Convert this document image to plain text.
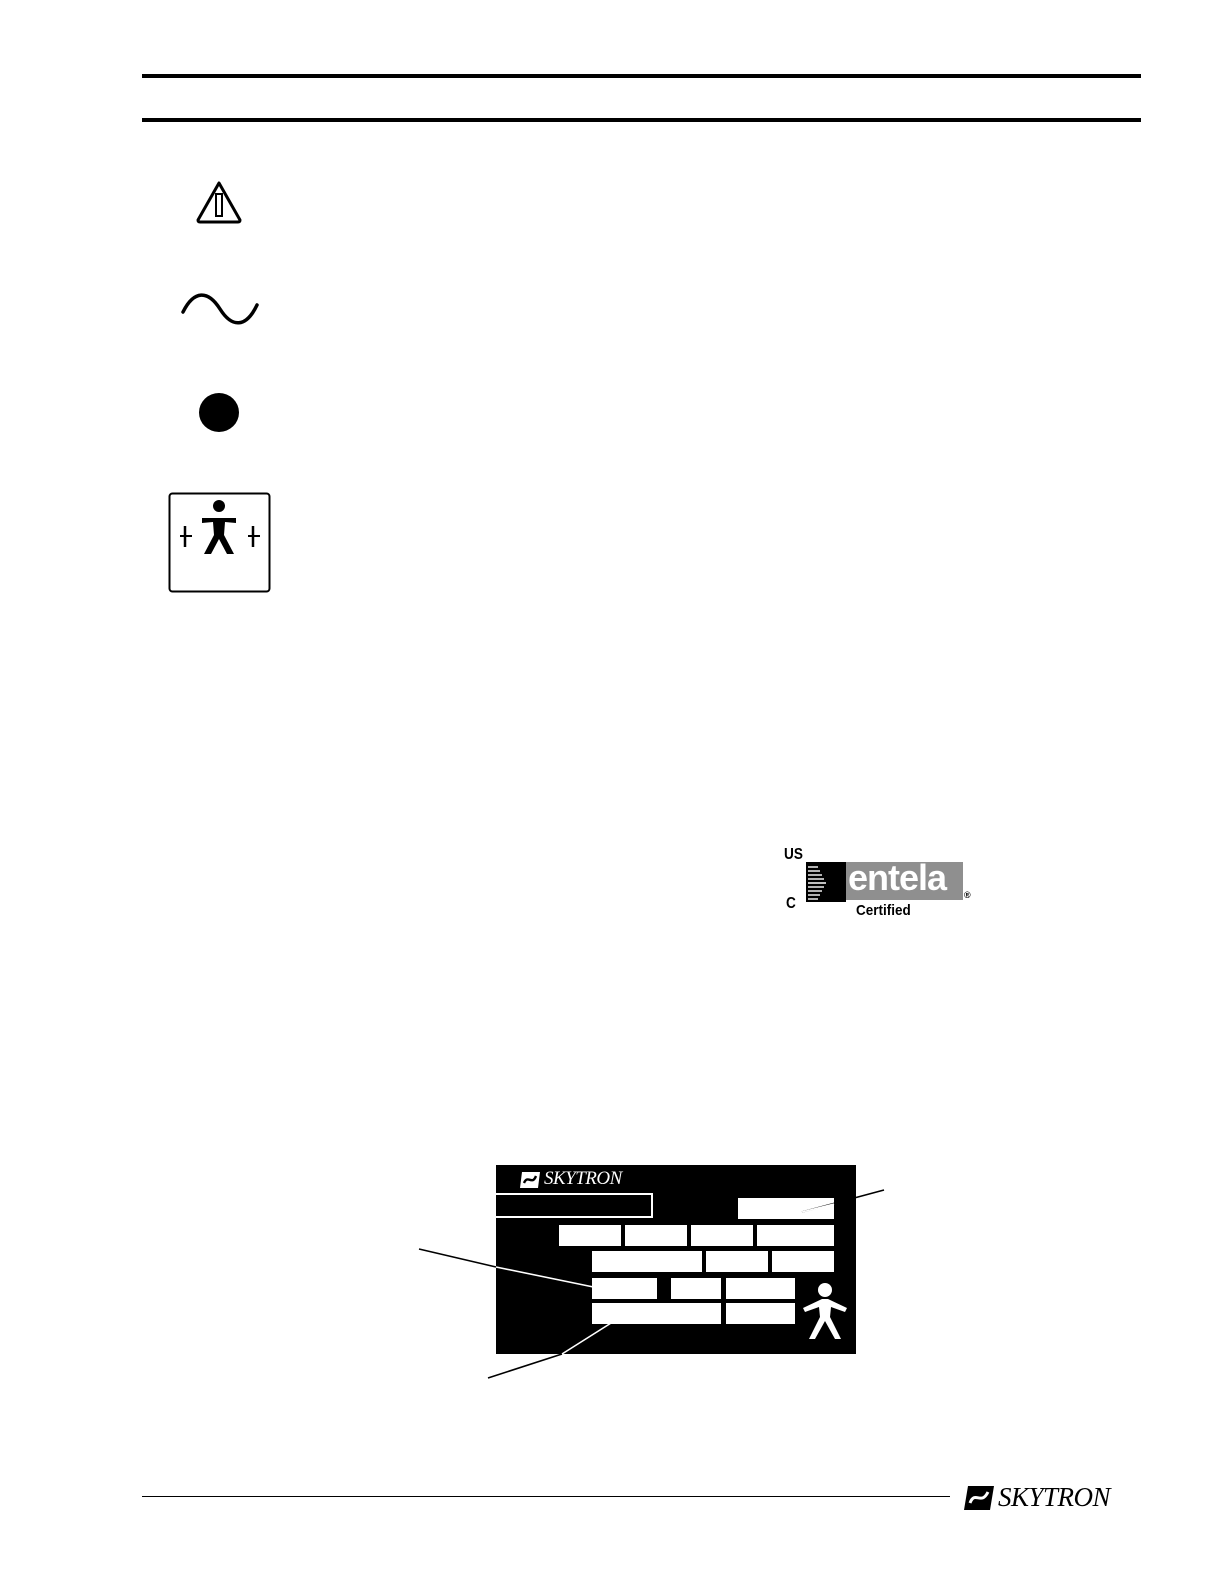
US
C
entela ®
Certified
SKYTRON
SKYTRON
